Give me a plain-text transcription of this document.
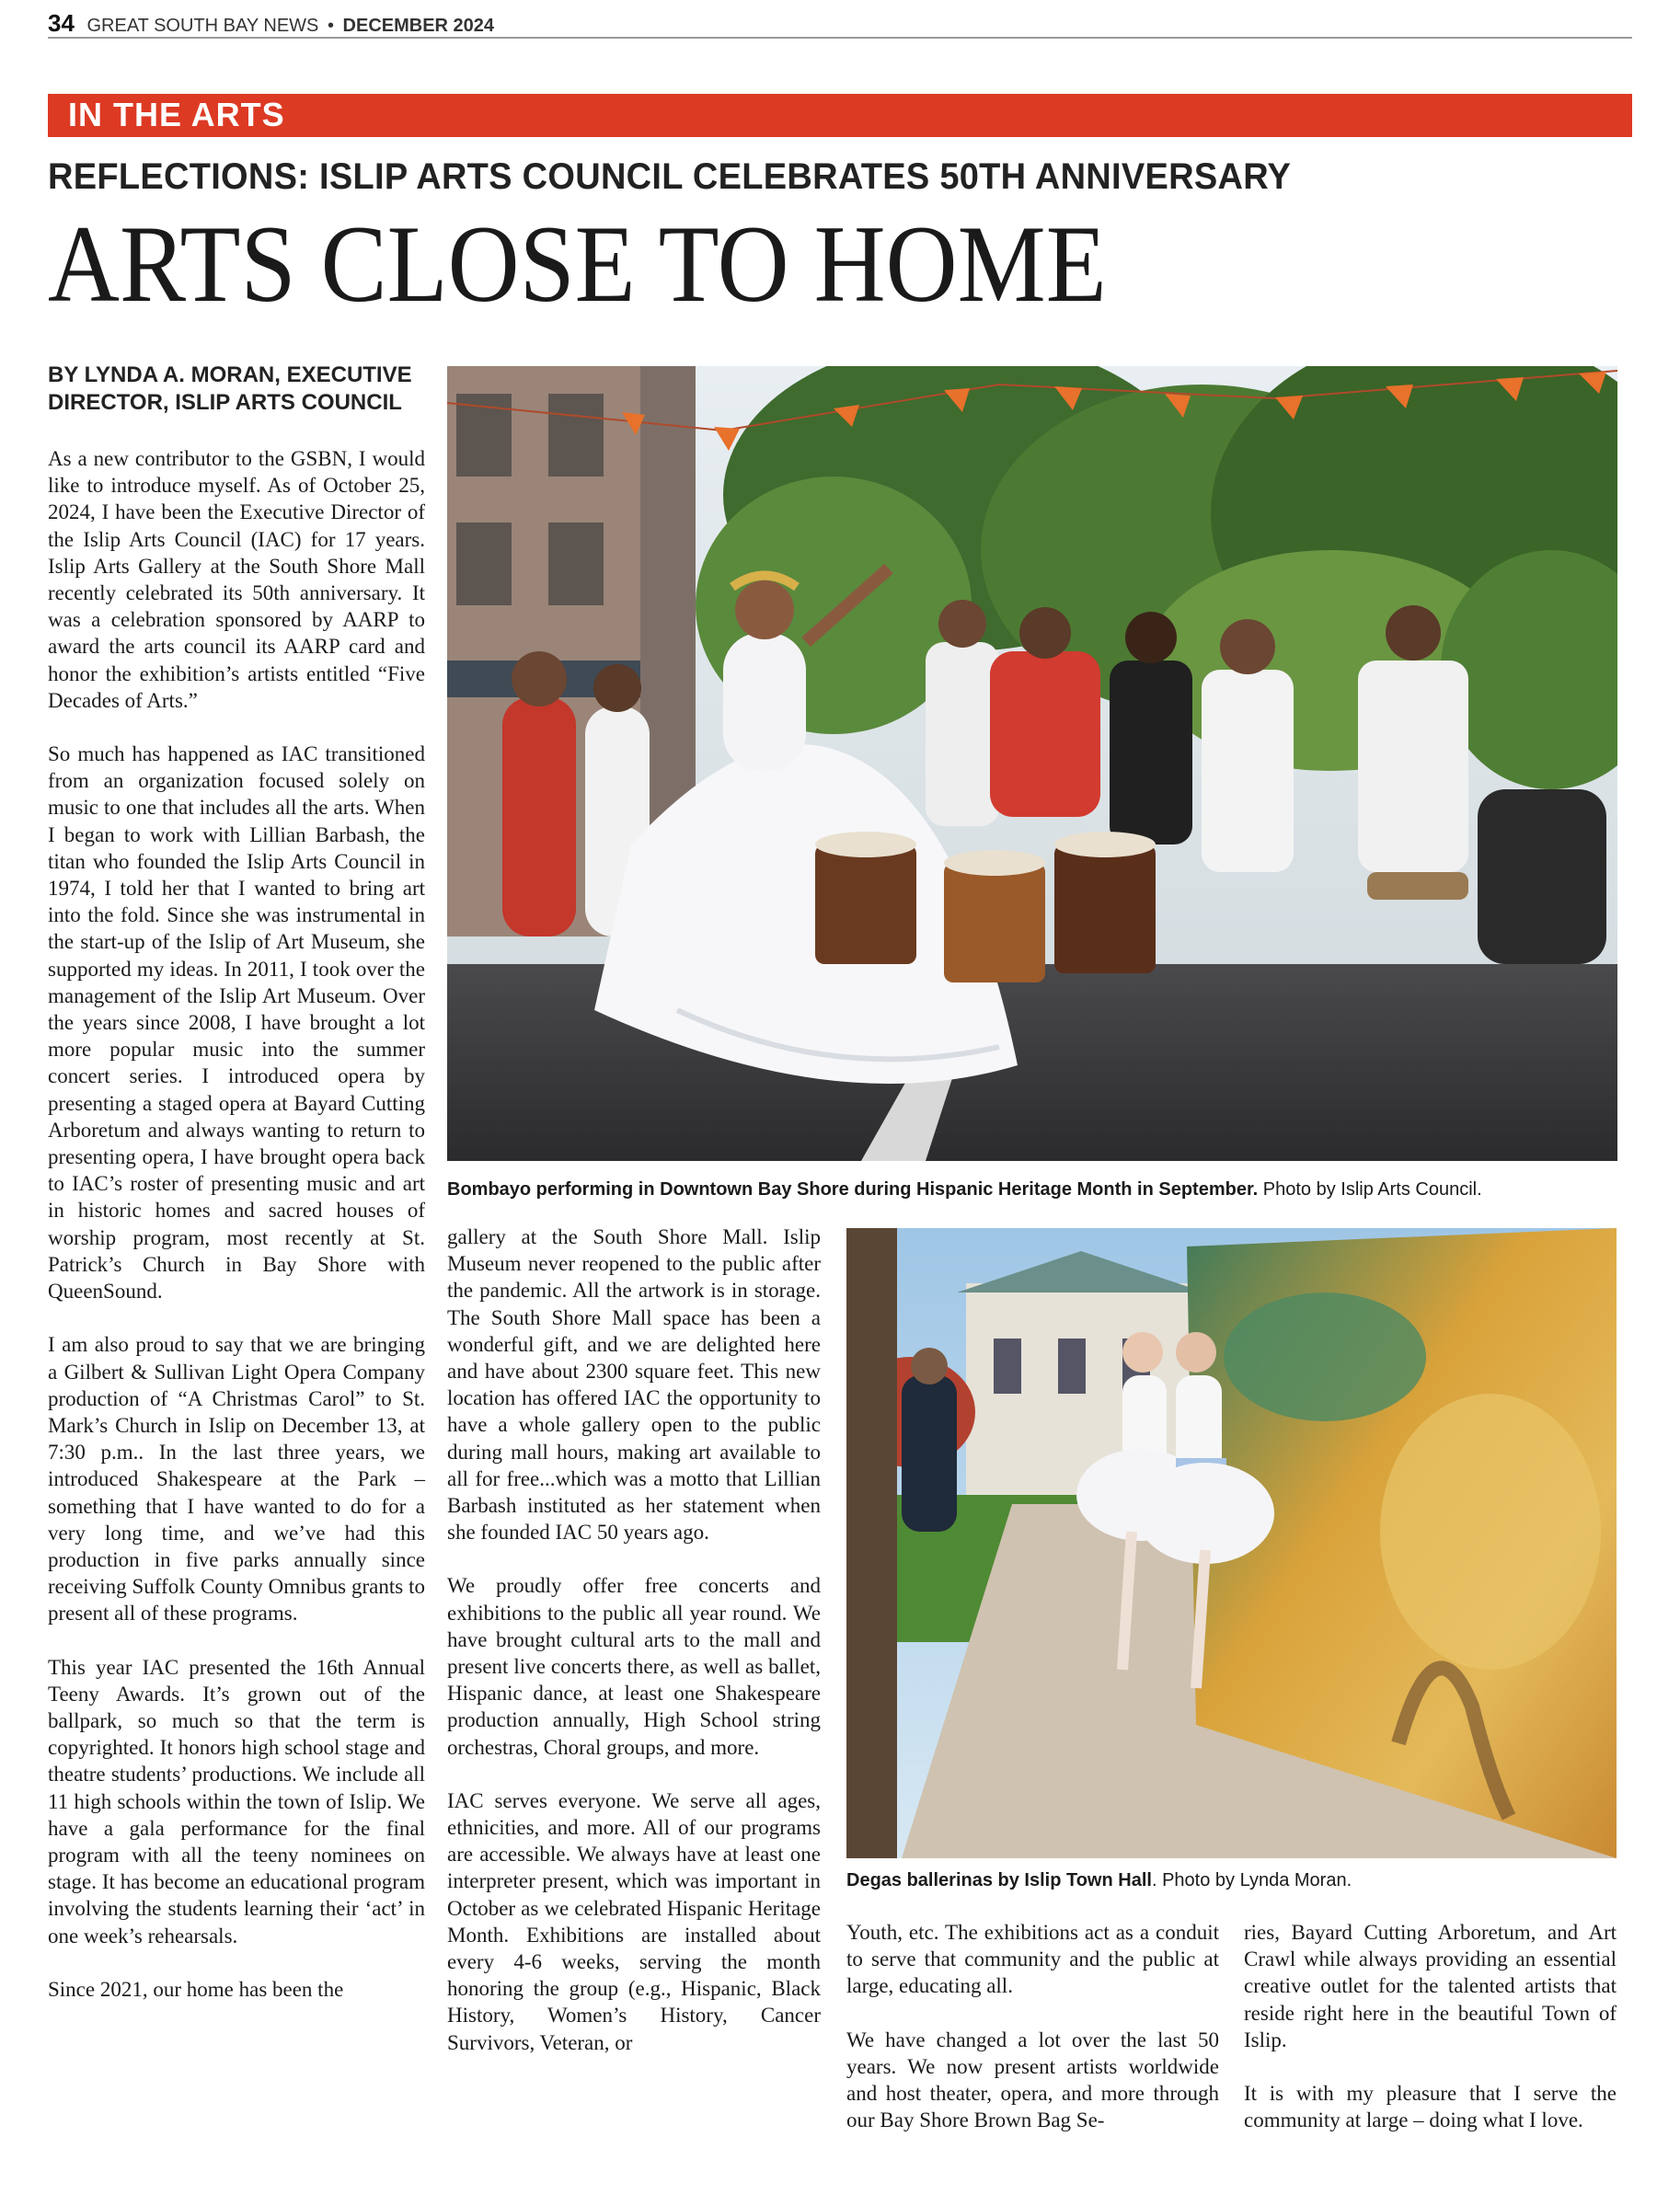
34 GREAT SOUTH BAY NEWS • DECEMBER 2024
IN THE ARTS
REFLECTIONS: ISLIP ARTS COUNCIL CELEBRATES 50TH ANNIVERSARY
ARTS CLOSE TO HOME
BY LYNDA A. MORAN, EXECUTIVE DIRECTOR, ISLIP ARTS COUNCIL

As a new contributor to the GSBN, I would like to introduce myself. As of October 25, 2024, I have been the Executive Director of the Islip Arts Council (IAC) for 17 years. Islip Arts Gallery at the South Shore Mall recently celebrated its 50th anniversary. It was a celebration sponsored by AARP to award the arts council its AARP card and honor the exhibition’s artists entitled “Five Decades of Arts.”

So much has happened as IAC transitioned from an organization focused solely on music to one that includes all the arts. When I began to work with Lillian Barbash, the titan who founded the Islip Arts Council in 1974, I told her that I wanted to bring art into the fold. Since she was instrumental in the start-up of the Islip of Art Museum, she supported my ideas. In 2011, I took over the management of the Islip Art Museum. Over the years since 2008, I have brought a lot more popular music into the summer concert series. I introduced opera by presenting a staged opera at Bayard Cutting Arboretum and always wanting to return to presenting opera, I have brought opera back to IAC’s roster of presenting music and art in historic homes and sacred houses of worship program, most recently at St. Patrick’s Church in Bay Shore with QueenSound.

I am also proud to say that we are bringing a Gilbert & Sullivan Light Opera Company production of “A Christmas Carol” to St. Mark’s Church in Islip on December 13, at 7:30 p.m.. In the last three years, we introduced Shakespeare at the Park – something that I have wanted to do for a very long time, and we’ve had this production in five parks annually since receiving Suffolk County Omnibus grants to present all of these programs.

This year IAC presented the 16th Annual Teeny Awards. It’s grown out of the ballpark, so much so that the term is copyrighted. It honors high school stage and theatre students’ productions. We include all 11 high schools within the town of Islip. We have a gala performance for the final program with all the teeny nominees on stage. It has become an educational program involving the students learning their ‘act’ in one week’s rehearsals.

Since 2021, our home has been the

Bombayo performing in Downtown Bay Shore during Hispanic Heritage Month in September. Photo by Islip Arts Council.

gallery at the South Shore Mall. Islip Museum never reopened to the public after the pandemic. All the artwork is in storage. The South Shore Mall space has been a wonderful gift, and we are delighted here and have about 2300 square feet. This new location has offered IAC the opportunity to have a whole gallery open to the public during mall hours, making art available to all for free...which was a motto that Lillian Barbash instituted as her statement when she founded IAC 50 years ago.

We proudly offer free concerts and exhibitions to the public all year round. We have brought cultural arts to the mall and present live concerts there, as well as ballet, Hispanic dance, at least one Shakespeare production annually, High School string orchestras, Choral groups, and more.

IAC serves everyone. We serve all ages, ethnicities, and more. All of our programs are accessible. We always have at least one interpreter present, which was important in October as we celebrated Hispanic Heritage Month. Exhibitions are installed about every 4-6 weeks, serving the month honoring the group (e.g., Hispanic, Black History, Women’s History, Cancer Survivors, Veteran, or

Degas ballerinas by Islip Town Hall. Photo by Lynda Moran.

Youth, etc. The exhibitions act as a conduit to serve that community and the public at large, educating all.

We have changed a lot over the last 50 years. We now present artists worldwide and host theater, opera, and more through our Bay Shore Brown Bag Se-

ries, Bayard Cutting Arboretum, and Art Crawl while always providing an essential creative outlet for the talented artists that reside right here in the beautiful Town of Islip.

It is with my pleasure that I serve the community at large – doing what I love.
